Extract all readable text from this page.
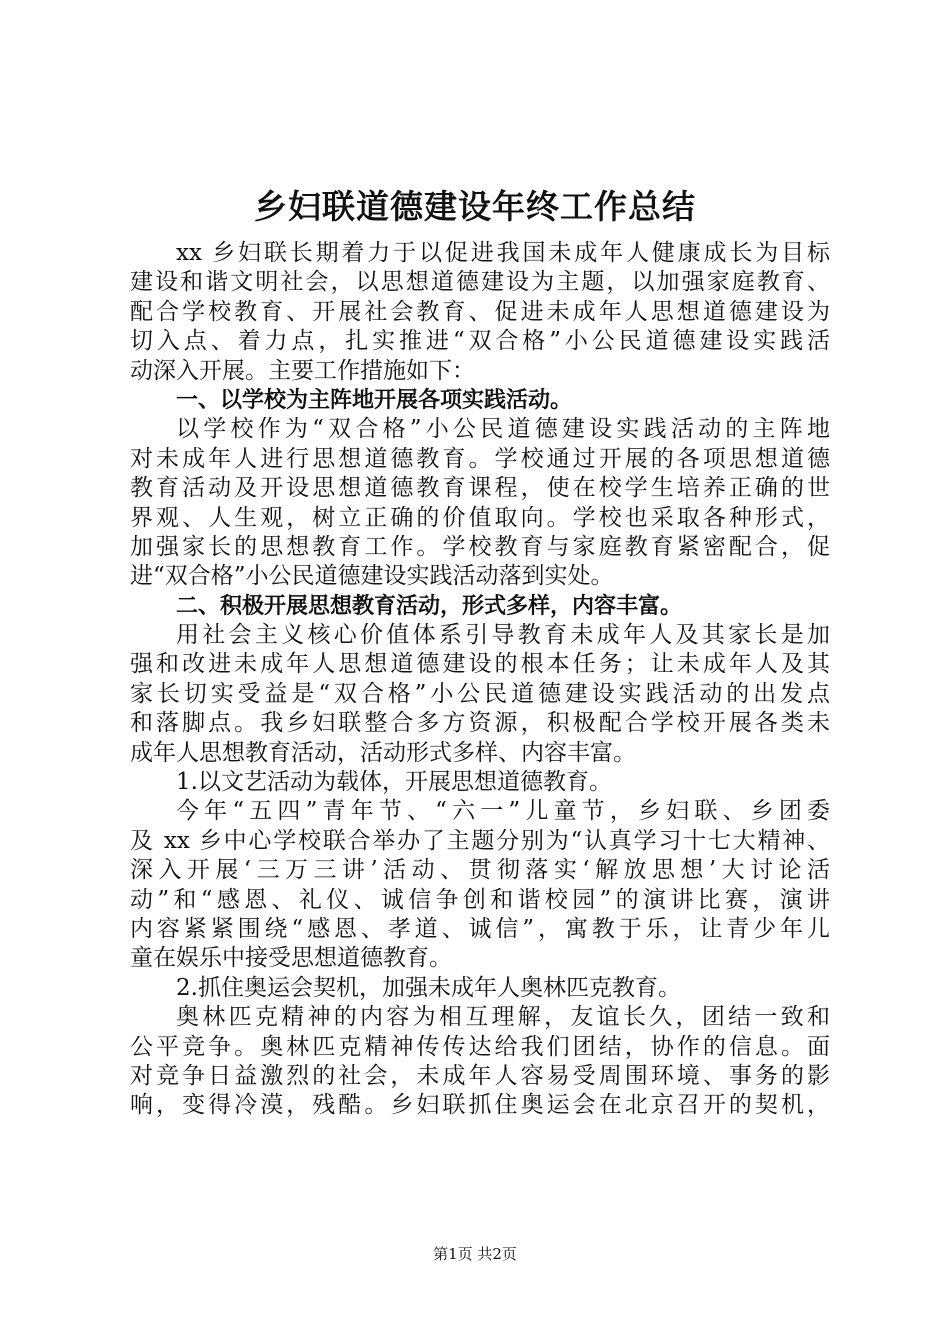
乡妇联道德建设年终工作总结
xx 乡妇联长期着力于以促进我国未成年人健康成长为目标
建设和谐文明社会，以思想道德建设为主题，以加强家庭教育、
配合学校教育、开展社会教育、促进未成年人思想道德建设为
切入点、着力点，扎实推进“双合格”小公民道德建设实践活
动深入开展。主要工作措施如下：
一、以学校为主阵地开展各项实践活动。
以学校作为“双合格”小公民道德建设实践活动的主阵地
对未成年人进行思想道德教育。学校通过开展的各项思想道德
教育活动及开设思想道德教育课程，使在校学生培养正确的世
界观、人生观，树立正确的价值取向。学校也采取各种形式，
加强家长的思想教育工作。学校教育与家庭教育紧密配合，促
进“双合格”小公民道德建设实践活动落到实处。
二、积极开展思想教育活动，形式多样，内容丰富。
用社会主义核心价值体系引导教育未成年人及其家长是加
强和改进未成年人思想道德建设的根本任务；让未成年人及其
家长切实受益是“双合格”小公民道德建设实践活动的出发点
和落脚点。我乡妇联整合多方资源，积极配合学校开展各类未
成年人思想教育活动，活动形式多样、内容丰富。
1.以文艺活动为载体，开展思想道德教育。
今年“五四”青年节、“六一”儿童节，乡妇联、乡团委
及 xx 乡中心学校联合举办了主题分别为“认真学习十七大精神、
深入开展‘三万三讲’活动、贯彻落实‘解放思想’大讨论活
动”和“感恩、礼仪、诚信争创和谐校园”的演讲比赛，演讲
内容紧紧围绕“感恩、孝道、诚信”，寓教于乐，让青少年儿
童在娱乐中接受思想道德教育。
2.抓住奥运会契机，加强未成年人奥林匹克教育。
奥林匹克精神的内容为相互理解，友谊长久，团结一致和
公平竞争。奥林匹克精神传传达给我们团结，协作的信息。面
对竞争日益激烈的社会，未成年人容易受周围环境、事务的影
响，变得冷漠，残酷。乡妇联抓住奥运会在北京召开的契机，
第1页 共2页
